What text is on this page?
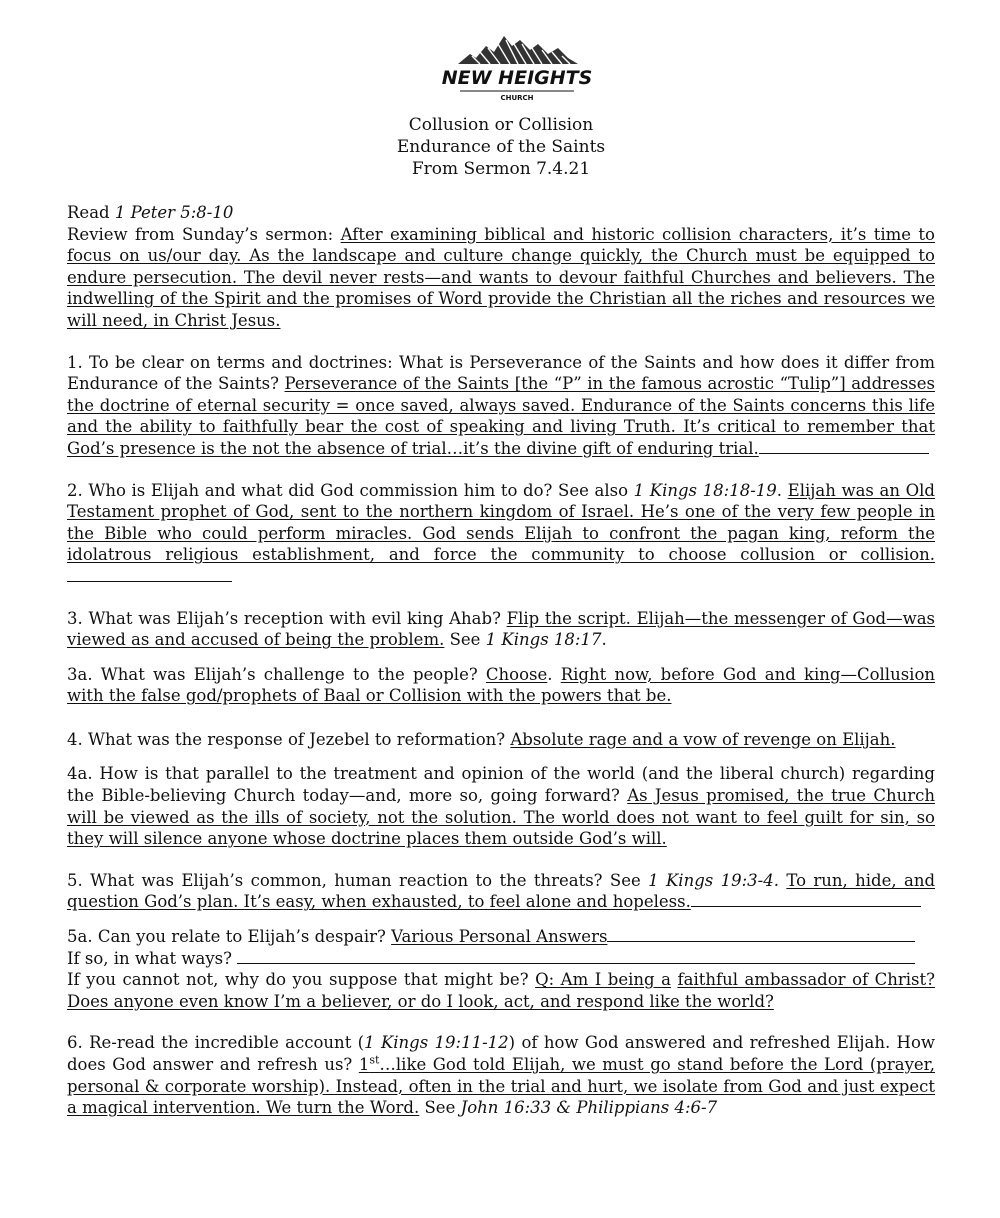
NEW HEIGHTS
CHURCH
Collusion or Collision
Endurance of the Saints
From Sermon 7.4.21

Read 1 Peter 5:8-10

Review from Sunday’s sermon: After examining biblical and historic collision characters, it’s time to focus on us/our day. As the landscape and culture change quickly, the Church must be equipped to endure persecution. The devil never rests—and wants to devour faithful Churches and believers. The indwelling of the Spirit and the promises of Word provide the Christian all the riches and resources we will need, in Christ Jesus.

1. To be clear on terms and doctrines: What is Perseverance of the Saints and how does it differ from Endurance of the Saints? Perseverance of the Saints [the “P” in the famous acrostic “Tulip”] addresses the doctrine of eternal security = once saved, always saved. Endurance of the Saints concerns this life and the ability to faithfully bear the cost of speaking and living Truth. It’s critical to remember that God’s presence is the not the absence of trial…it’s the divine gift of enduring trial.

2. Who is Elijah and what did God commission him to do? See also 1 Kings 18:18-19. Elijah was an Old Testament prophet of God, sent to the northern kingdom of Israel. He’s one of the very few people in the Bible who could perform miracles. God sends Elijah to confront the pagan king, reform the idolatrous religious establishment, and force the community to choose collusion or collision.

3. What was Elijah’s reception with evil king Ahab? Flip the script. Elijah—the messenger of God—was viewed as and accused of being the problem. See 1 Kings 18:17.

3a. What was Elijah’s challenge to the people? Choose. Right now, before God and king—Collusion with the false god/prophets of Baal or Collision with the powers that be.

4. What was the response of Jezebel to reformation? Absolute rage and a vow of revenge on Elijah.

4a. How is that parallel to the treatment and opinion of the world (and the liberal church) regarding the Bible-believing Church today—and, more so, going forward? As Jesus promised, the true Church will be viewed as the ills of society, not the solution. The world does not want to feel guilt for sin, so they will silence anyone whose doctrine places them outside God’s will.

5. What was Elijah’s common, human reaction to the threats? See 1 Kings 19:3-4. To run, hide, and question God’s plan. It’s easy, when exhausted, to feel alone and hopeless.

5a. Can you relate to Elijah’s despair? Various Personal Answers

If so, in what ways?

If you cannot not, why do you suppose that might be? Q: Am I being a faithful ambassador of Christ? Does anyone even know I’m a believer, or do I look, act, and respond like the world?

6. Re-read the incredible account (1 Kings 19:11-12) of how God answered and refreshed Elijah. How does God answer and refresh us? 1st…like God told Elijah, we must go stand before the Lord (prayer, personal & corporate worship). Instead, often in the trial and hurt, we isolate from God and just expect a magical intervention. We turn the Word. See John 16:33 & Philippians 4:6-7
